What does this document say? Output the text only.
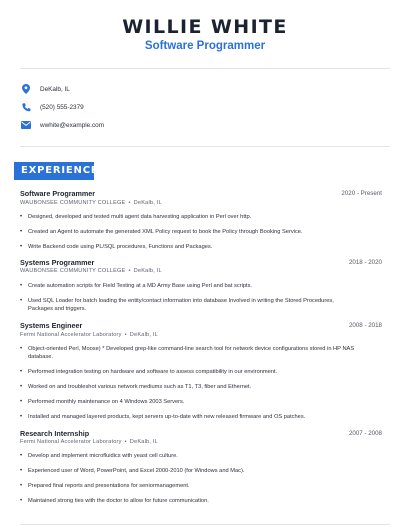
WILLIE WHITE
Software Programmer
DeKalb, IL
(520) 555-2379
wwhite@example.com
EXPERIENCE
Software Programmer	2020 - Present
WAUBONSEE COMMUNITY COLLEGE • DeKalb, IL
•	Designed, developed and tested multi agent data harvesting application in Perl over http.
•	Created an Agent to automate the generated XML Policy request to book the Policy through Booking Service.
•	Write Backend code using PL/SQL procedures, Functions and Packages.
Systems Programmer	2018 - 2020
WAUBONSEE COMMUNITY COLLEGE • DeKalb, IL
•	Create automation scripts for Field Testing at a MD Army Base using Perl and bat scripts.
•	Used SQL Loader for batch loading the entity/contact information into database Involved in writing the Stored Procedures,
Packages and triggers.
Systems Engineer	2008 - 2018
Fermi National Accelerator Laboratory • DeKalb, IL
•	Object-oriented Perl, Moose) * Developed grep-like command-line search tool for network device configurations stored in HP NAS
database.
•	Performed integration testing on hardware and software to assess compatibility in our environment.
•	Worked on and troubleshot various network mediums such as T1, T3, fiber and Ethernet.
•	Performed monthly maintenance on 4 Windows 2003 Servers.
•	Installed and managed layered products, kept servers up-to-date with new released firmware and OS patches.
Research Internship	2007 - 2008
Fermi National Accelerator Laboratory • DeKalb, IL
•	Develop and implement microfluidics with yeast cell culture.
•	Experienced user of Word, PowerPoint, and Excel 2000-2010 (for Windows and Mac).
•	Prepared final reports and presentations for seniormanagement.
•	Maintained strong ties with the doctor to allow for future communication.
